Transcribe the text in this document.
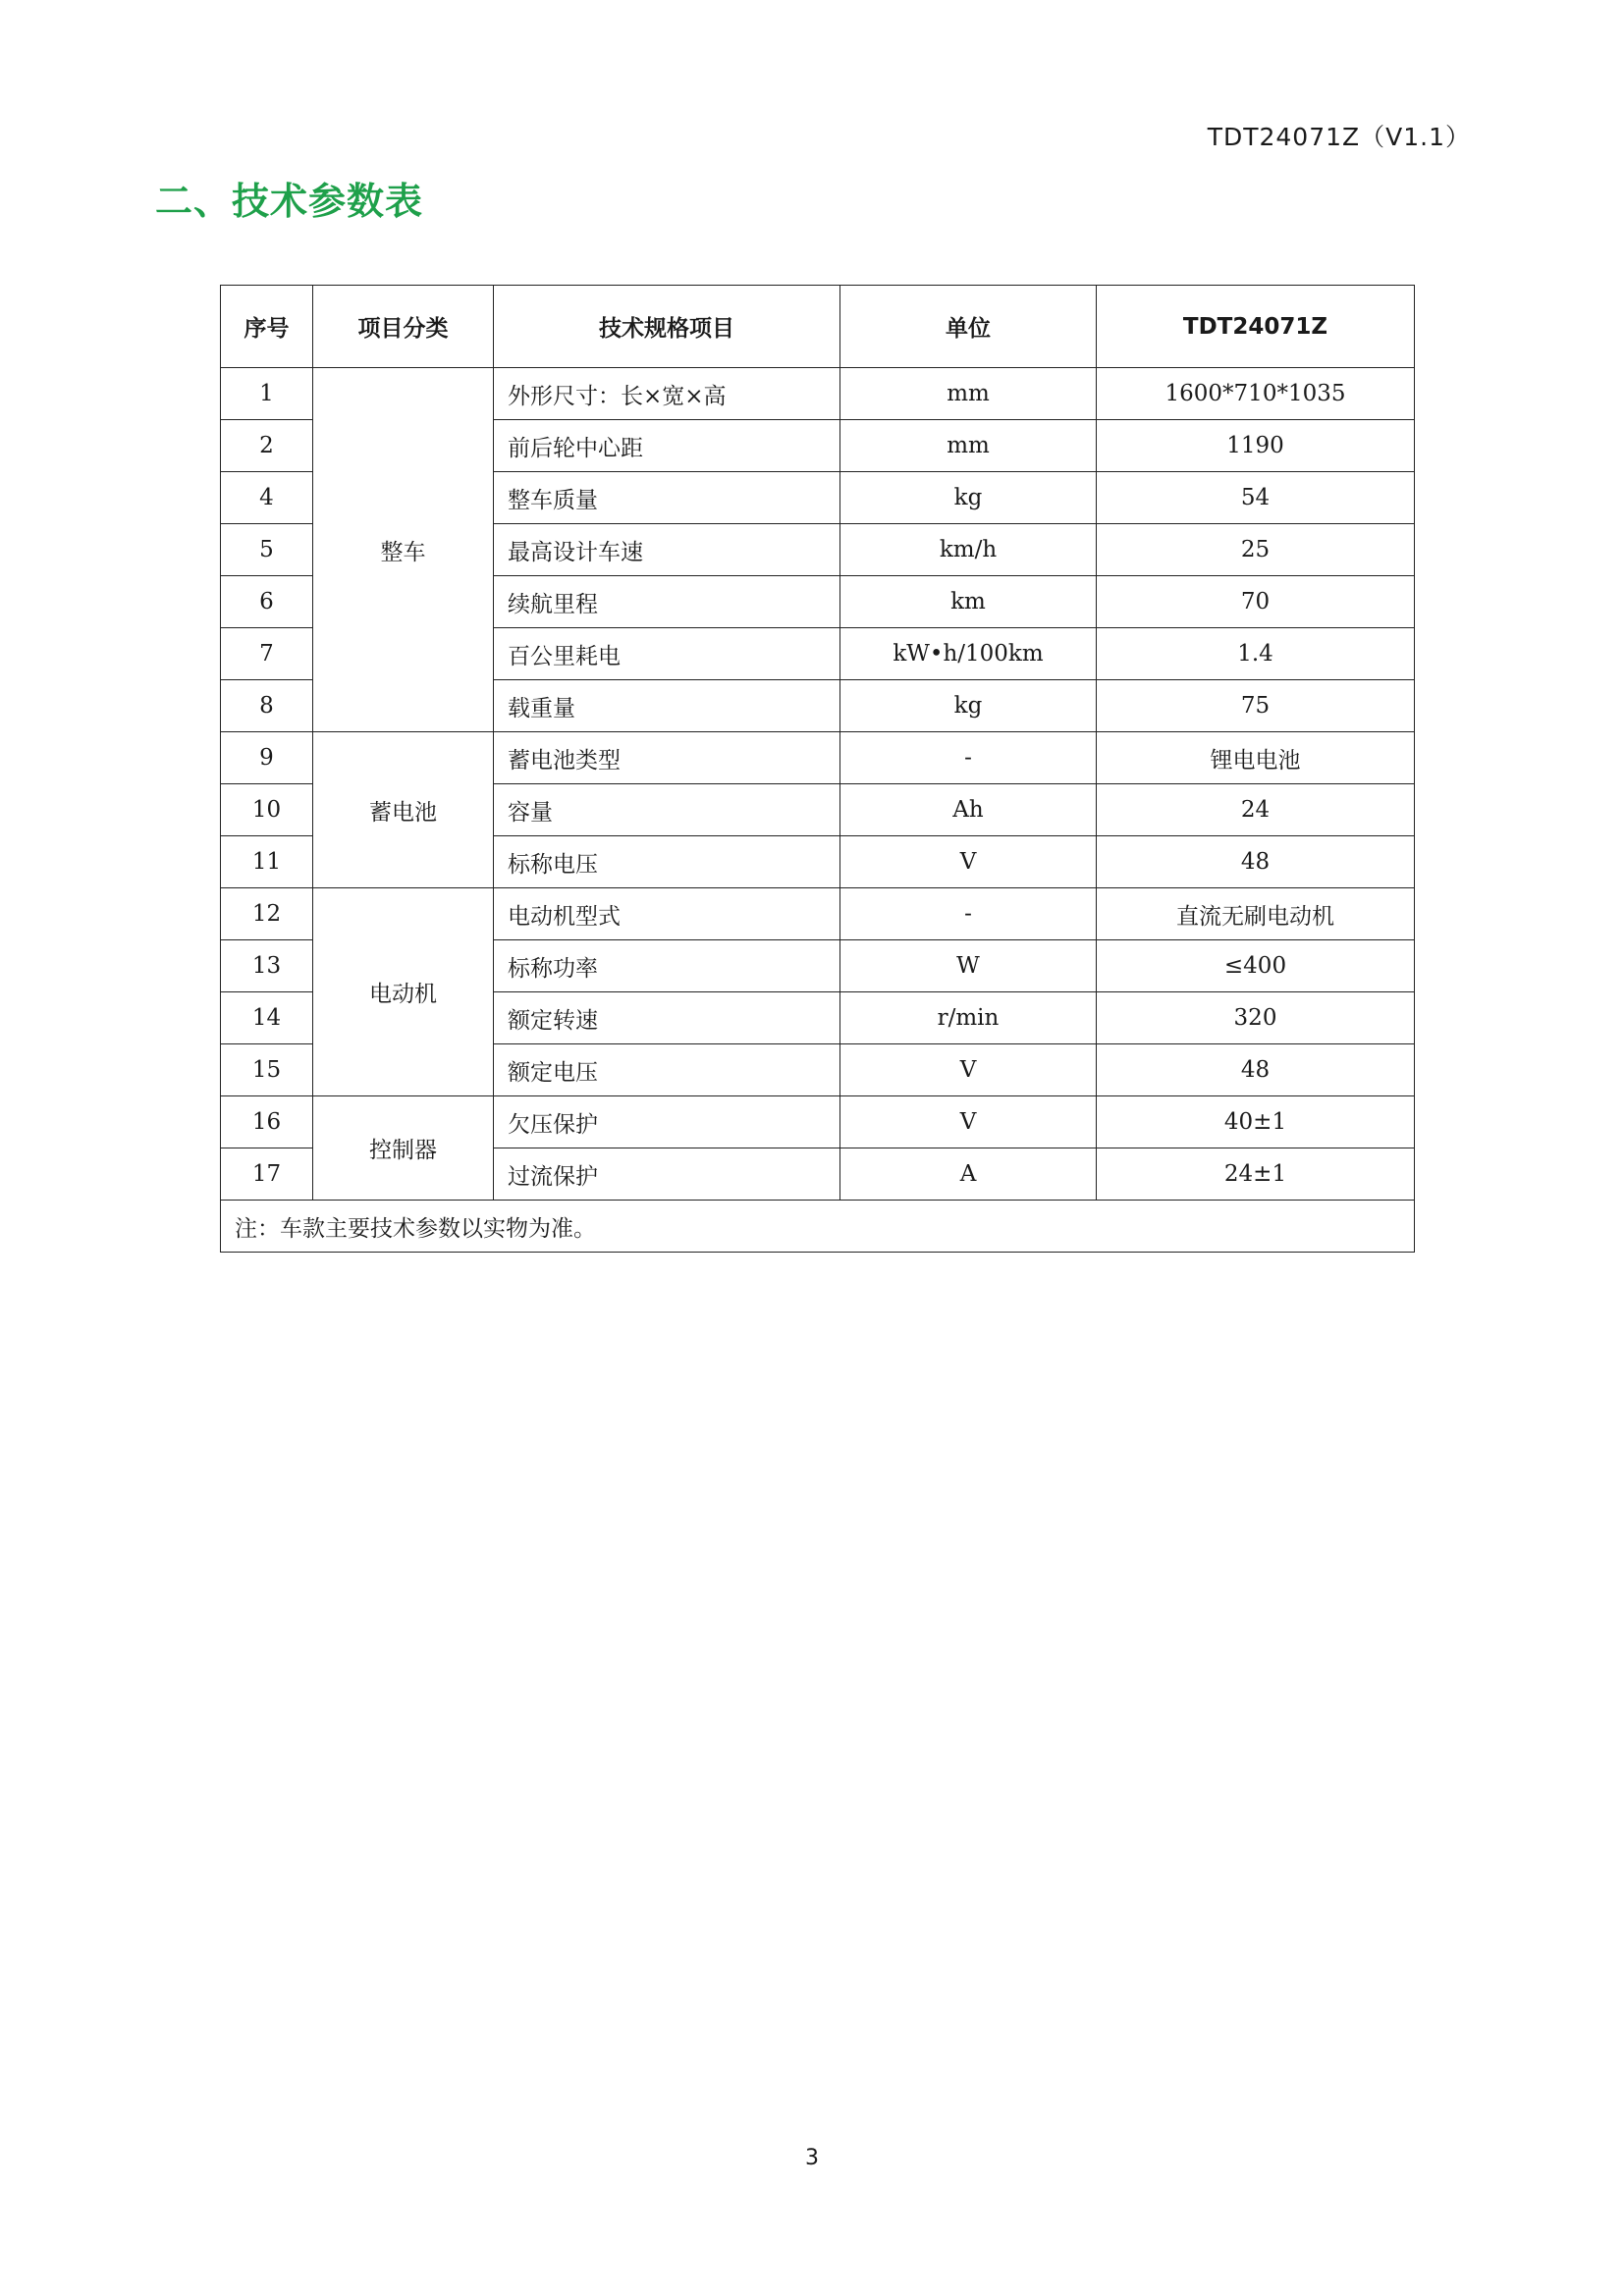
TDT24071Z（V1.1）
二、技术参数表
序号	项目分类	技术规格项目	单位	TDT24071Z
1	整车	外形尺寸：长×宽×高	mm	1600*710*1035
2		前后轮中心距	mm	1190
4		整车质量	kg	54
5		最高设计车速	km/h	25
6		续航里程	km	70
7		百公里耗电	kW•h/100km	1.4
8		载重量	kg	75
9	蓄电池	蓄电池类型	-	锂电电池
10		容量	Ah	24
11		标称电压	V	48
12	电动机	电动机型式	-	直流无刷电动机
13		标称功率	W	≤400
14		额定转速	r/min	320
15		额定电压	V	48
16	控制器	欠压保护	V	40±1
17		过流保护	A	24±1
注：车款主要技术参数以实物为准。				
3
